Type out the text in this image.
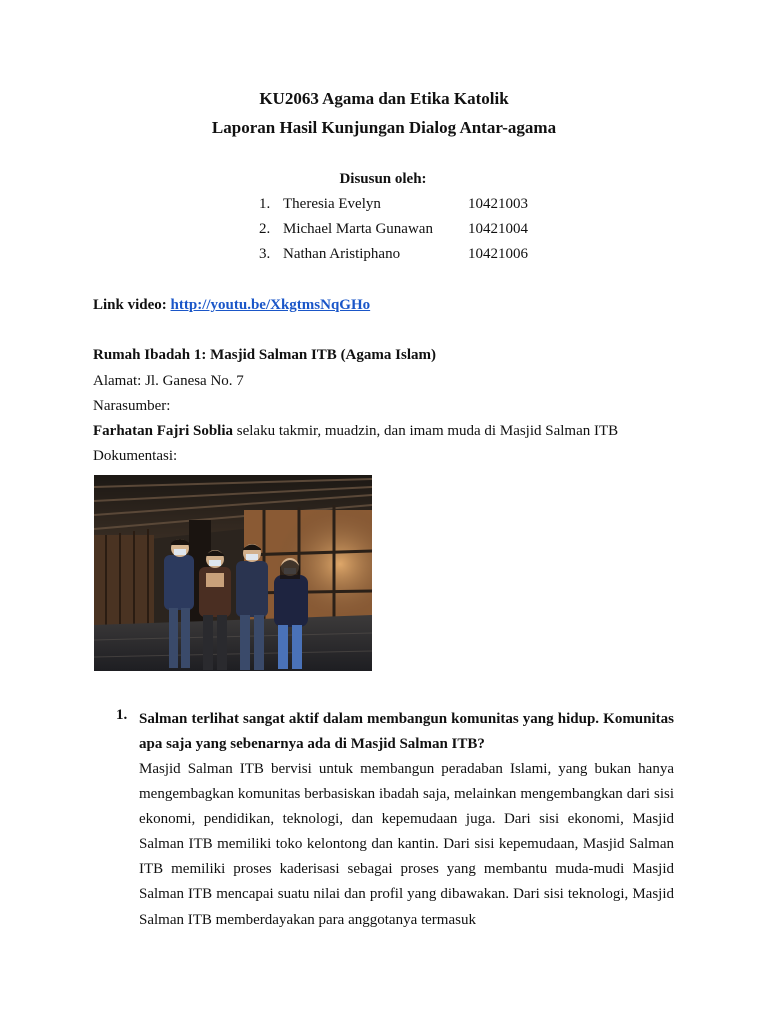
KU2063 Agama dan Etika Katolik
Laporan Hasil Kunjungan Dialog Antar-agama
Disusun oleh:
1. Theresia Evelyn	10421003
2. Michael Marta Gunawan 10421004
3. Nathan Aristiphano	10421006
Link video: http://youtu.be/XkgtmsNqGHo
Rumah Ibadah 1: Masjid Salman ITB (Agama Islam)
Alamat: Jl. Ganesa No. 7
Narasumber:
Farhatan Fajri Soblia selaku takmir, muadzin, dan imam muda di Masjid Salman ITB
Dokumentasi:
1. Salman terlihat sangat aktif dalam membangun komunitas yang hidup. Komunitas apa saja yang sebenarnya ada di Masjid Salman ITB?
Masjid Salman ITB bervisi untuk membangun peradaban Islami, yang bukan hanya mengembagkan komunitas berbasiskan ibadah saja, melainkan mengembangkan dari sisi ekonomi, pendidikan, teknologi, dan kepemudaan juga. Dari sisi ekonomi, Masjid Salman ITB memiliki toko kelontong dan kantin. Dari sisi kepemudaan, Masjid Salman ITB memiliki proses kaderisasi sebagai proses yang membantu muda-mudi Masjid Salman ITB mencapai suatu nilai dan profil yang dibawakan. Dari sisi teknologi, Masjid Salman ITB memberdayakan para anggotanya termasuk
